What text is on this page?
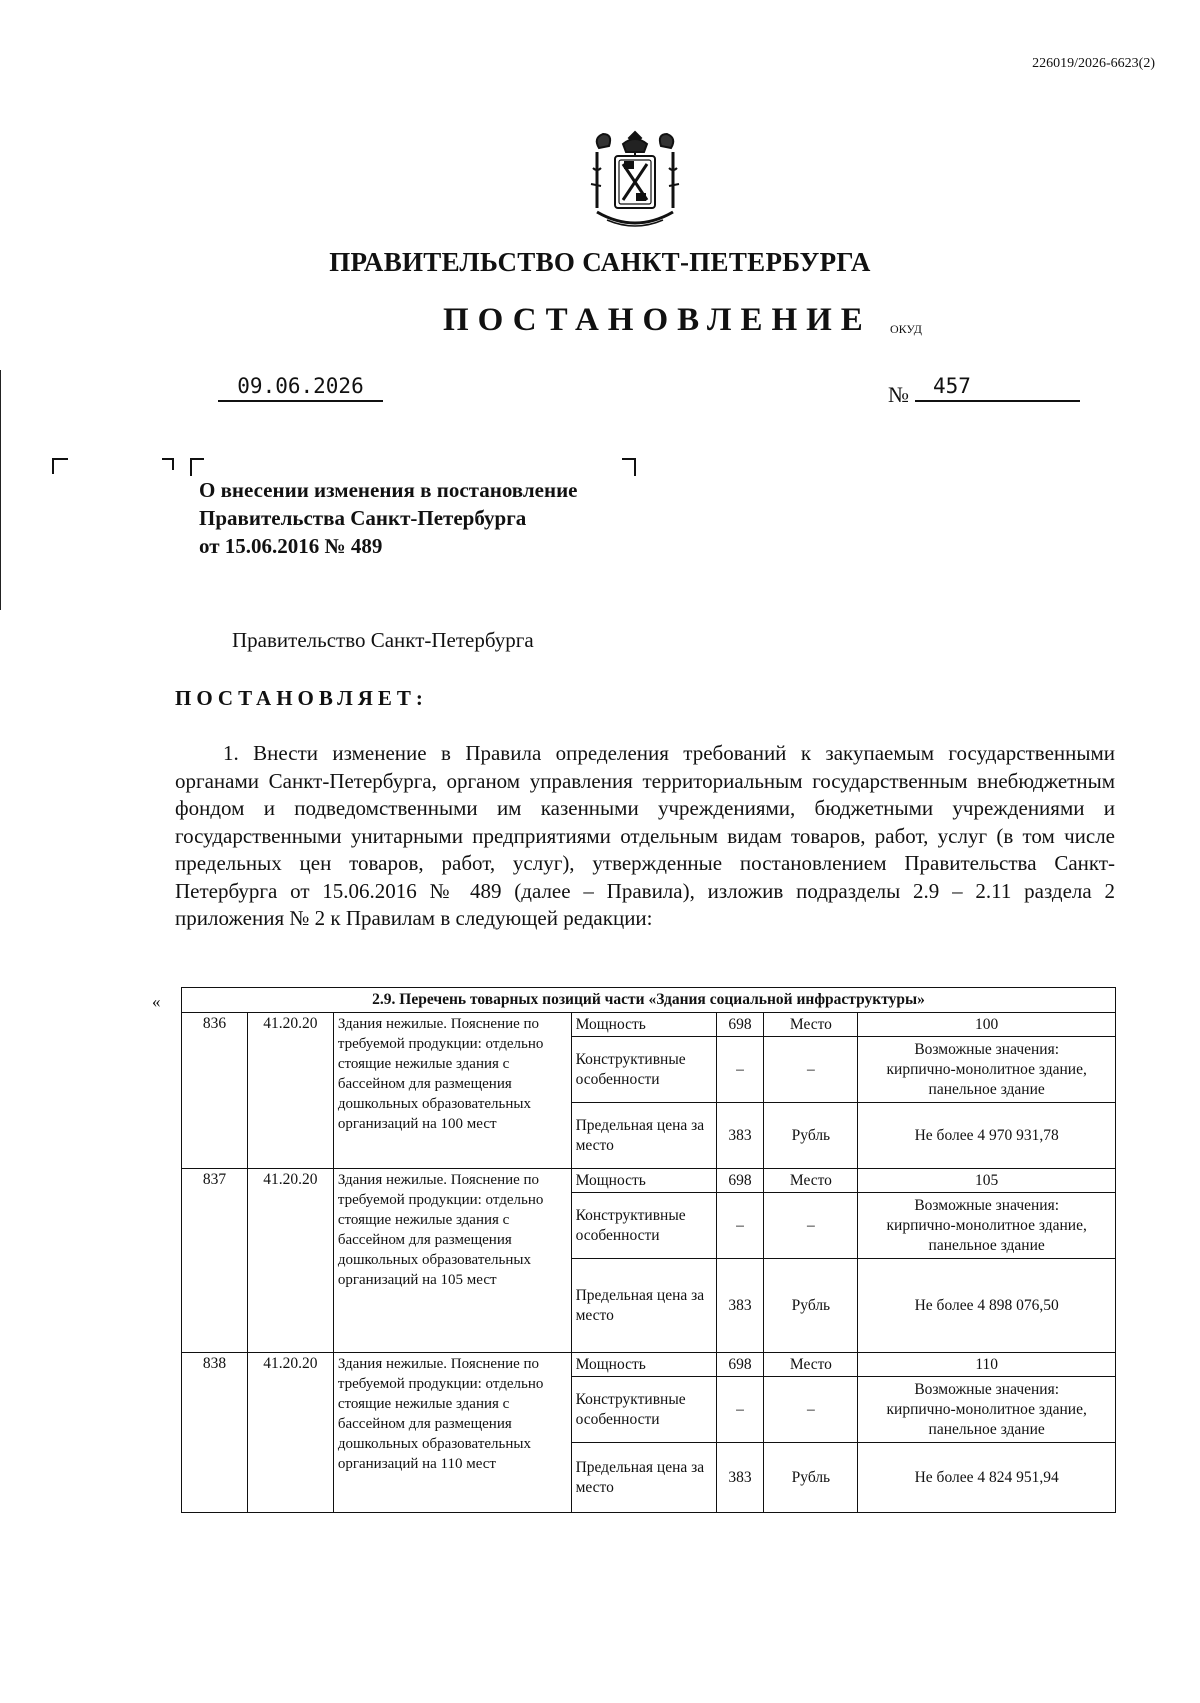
226019/2026-6623(2)
ПРАВИТЕЛЬСТВО САНКТ-ПЕТЕРБУРГА
ПОСТАНОВЛЕНИЕ ОКУД
09.06.2026	№	457
О внесении изменения в постановление
Правительства Санкт-Петербурга
от 15.06.2016 № 489
Правительство Санкт-Петербурга
ПОСТАНОВЛЯЕТ:
1. Внести изменение в Правила определения требований к закупаемым государственными органами Санкт-Петербурга, органом управления территориальным государственным внебюджетным фондом и подведомственными им казенными учреждениями, бюджетными учреждениями и государственными унитарными предприятиями отдельным видам товаров, работ, услуг (в том числе предельных цен товаров, работ, услуг), утвержденные постановлением Правительства Санкт-Петербурга от 15.06.2016 № 489 (далее – Правила), изложив подразделы 2.9 – 2.11 раздела 2 приложения № 2 к Правилам в следующей редакции:
«	2.9. Перечень товарных позиций части «Здания социальной инфраструктуры»						
836	41.20.20	Здания нежилые. Пояснение по требуемой продукции: отдельно стоящие нежилые здания с бассейном для размещения дошкольных образовательных организаций на 100 мест	Мощность	698	Место	100
			Конструктивные особенности	–	–	Возможные значения:
кирпично-монолитное здание,
панельное здание

			Предельная цена за место	383	Рубль	Не более 4 970 931,78
837	41.20.20	Здания нежилые. Пояснение по требуемой продукции: отдельно стоящие нежилые здания с бассейном для размещения дошкольных образовательных организаций на 105 мест	Мощность	698	Место	105
			Конструктивные особенности	–	–	Возможные значения:
кирпично-монолитное здание,
панельное здание

			Предельная цена за место	383	Рубль	Не более 4 898 076,50
838	41.20.20	Здания нежилые. Пояснение по требуемой продукции: отдельно стоящие нежилые здания с бассейном для размещения дошкольных образовательных организаций на 110 мест	Мощность	698	Место	110
			Конструктивные особенности	–	–	Возможные значения:
кирпично-монолитное здание,
панельное здание

			Предельная цена за место	383	Рубль	Не более 4 824 951,94
